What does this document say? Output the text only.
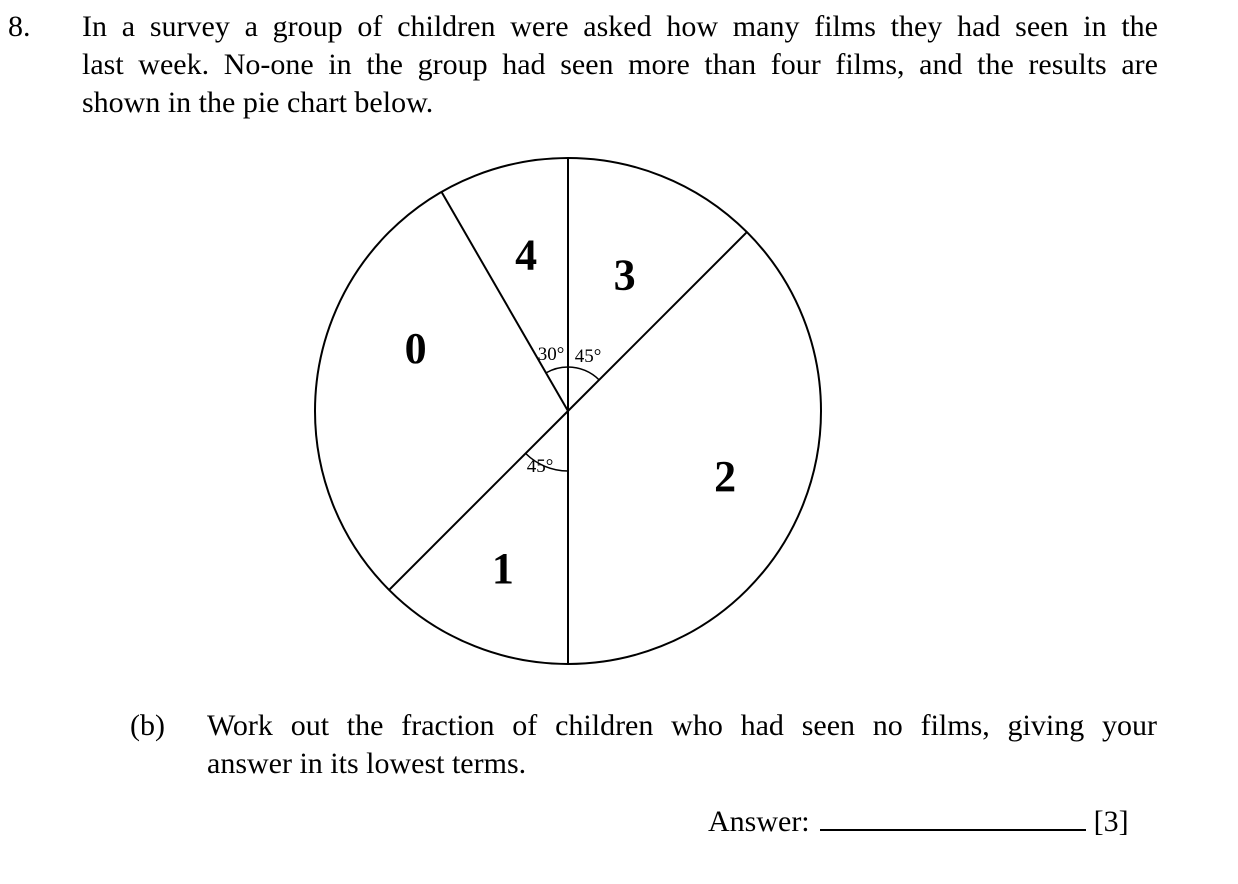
8. In a survey a group of children were asked how many films they had seen in the
last week. No-one in the group had seen more than four films, and the results are
shown in the pie chart below.
4 3
2
1
0	30° 45°
45°
(b) Work out the fraction of children who had seen no films, giving your
answer in its lowest terms.
Answer:	[3]
